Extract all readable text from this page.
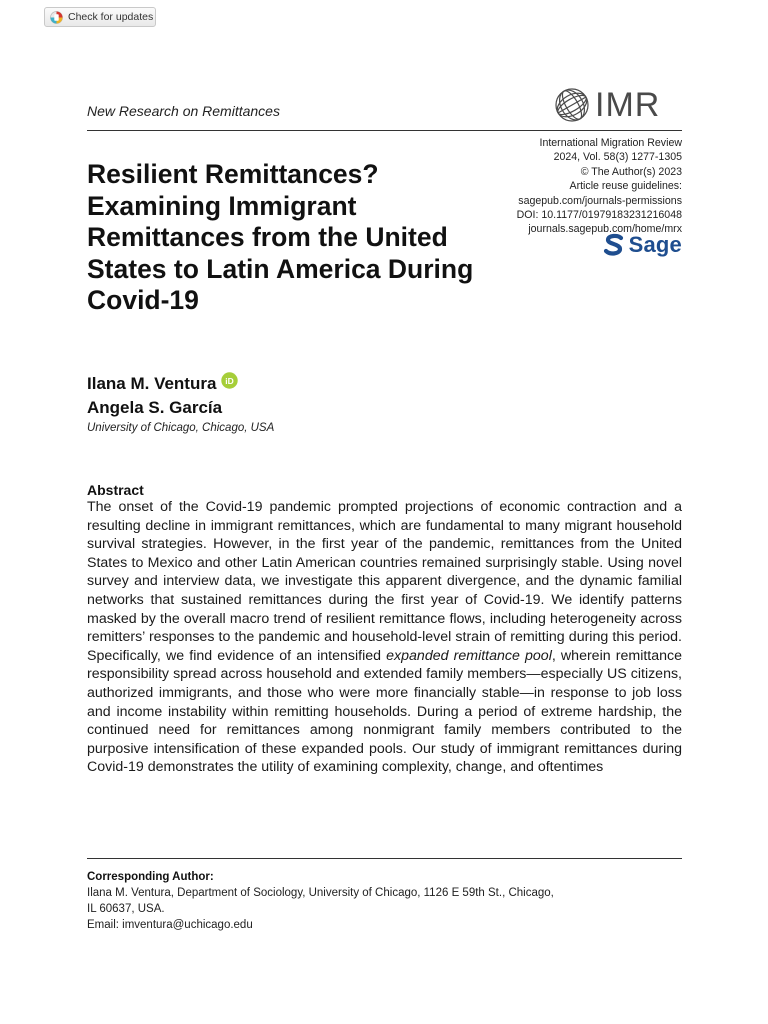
Check for updates
New Research on Remittances	IMR
International Migration Review
2024, Vol. 58(3) 1277-1305
© The Author(s) 2023
Article reuse guidelines:
sagepub.com/journals-permissions
DOI: 10.1177/01979183231216048
journals.sagepub.com/home/mrx
Sage
Resilient Remittances? Examining Immigrant Remittances from the United States to Latin America During Covid-19
Ilana M. Ventura iD
Angela S. García
University of Chicago, Chicago, USA
Abstract

The onset of the Covid-19 pandemic prompted projections of economic contraction and a resulting decline in immigrant remittances, which are fundamental to many migrant household survival strategies. However, in the first year of the pandemic, remittances from the United States to Mexico and other Latin American countries remained surprisingly stable. Using novel survey and interview data, we investigate this apparent divergence, and the dynamic familial networks that sustained remittances during the first year of Covid-19. We identify patterns masked by the overall macro trend of resilient remittance flows, including heterogeneity across remitters’ responses to the pandemic and household-level strain of remitting during this period. Specifically, we find evidence of an intensified expanded remittance pool, wherein remittance responsibility spread across household and extended family members—especially US citizens, authorized immigrants, and those who were more financially stable—in response to job loss and income instability within remitting households. During a period of extreme hardship, the continued need for remittances among nonmigrant family members contributed to the purposive intensification of these expanded pools. Our study of immigrant remittances during Covid-19 demonstrates the utility of examining complexity, change, and oftentimes

Corresponding Author:
Ilana M. Ventura, Department of Sociology, University of Chicago, 1126 E 59th St., Chicago,
IL 60637, USA.
Email: imventura@uchicago.edu
